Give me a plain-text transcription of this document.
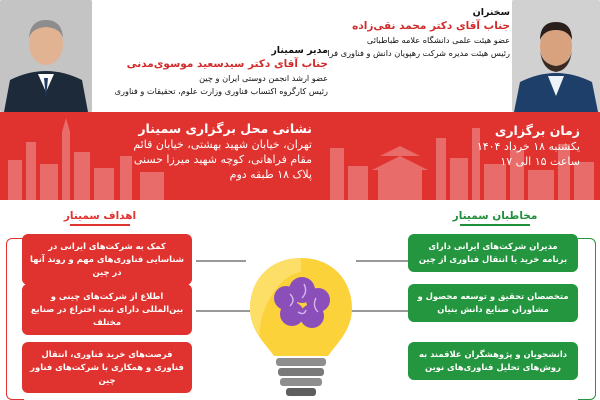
سخنران
جناب آقای دکتر محمد نقی‌زاده
عضو هیئت علمی دانشگاه علامه طباطبائی
رئیس هیئت مدیره شرکت رهپویان دانش و فناوری فرا
مدیر سمینار
جناب آقای دکتر سیدسعید موسوی‌مدنی
عضو ارشد انجمن دوستی ایران و چین
رئیس کارگروه اکتساب فناوری وزارت علوم، تحقیقات و فناوری
نشانی محل برگزاری سمینار
تهران، خیابان شهید بهشتی، خیابان قائم
مقام فراهانی، کوچه شهید میرزا حسنی
پلاک ۱۸ طبقه دوم
زمان برگزاری
یکشنبه ۱۸ خرداد ۱۴۰۴
ساعت ۱۵ الی ۱۷
اهداف سمینار	مخاطبان سمینار
کمک به شرکت‌های ایرانی در شناسایی فناوری‌های مهم و روند آنها در چین
اطلاع از شرکت‌های چینی و بین‌المللی دارای ثبت اختراع در صنایع مختلف
فرصت‌های خرید فناوری، انتقال فناوری و همکاری با شرکت‌های فناور چین
مدیران شرکت‌های ایرانی دارای برنامه خرید یا انتقال فناوری از چین
متخصصان تحقیق و توسعه محصول و مشاوران صنایع دانش بنیان
دانشجویان و پژوهشگران علاقمند به روش‌های تحلیل فناوری‌های نوین
